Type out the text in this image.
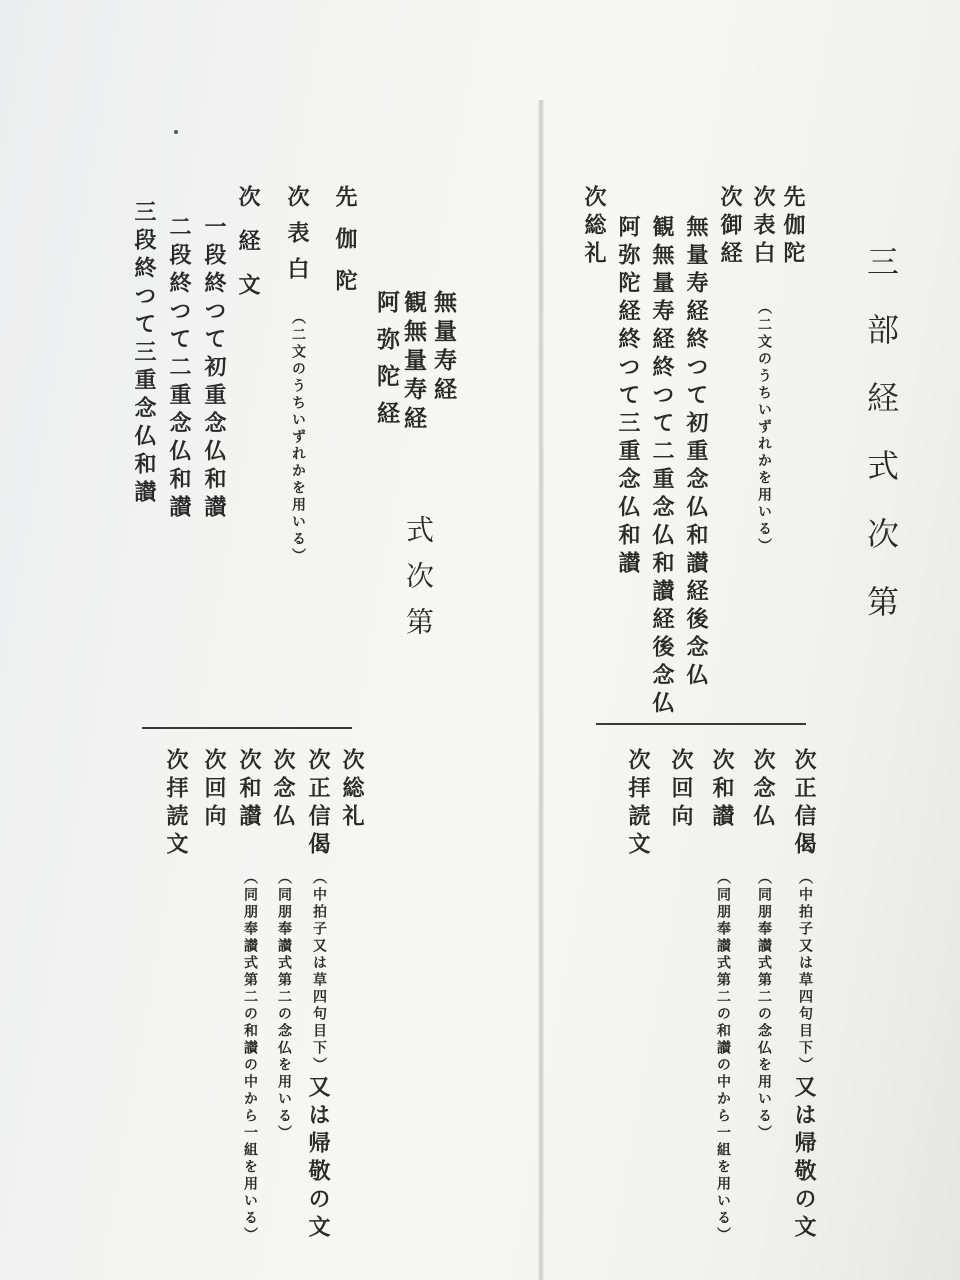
三部経式次第
先伽陀
次表白
（二文のうちいずれかを用いる）
次御経
無量寿経終つて初重念仏和讃経後念仏
観無量寿経終つて二重念仏和讃経後念仏
阿弥陀経終つて三重念仏和讃
次総礼
次正信偈
（中拍子又は草四句目下）
又は帰敬の文
次念仏
（同朋奉讃式第二の念仏を用いる）
次和讃
（同朋奉讃式第二の和讃の中から一組を用いる）
次回向
次拝読文
無量寿経
観無量寿経
阿弥陀経
式次第
先伽陀
次表白
（二文のうちいずれかを用いる）
次経文
一段終つて初重念仏和讃
二段終つて二重念仏和讃
三段終つて三重念仏和讃
次総礼
次正信偈
（中拍子又は草四句目下）
又は帰敬の文
次念仏
（同朋奉讃式第二の念仏を用いる）
次和讃
（同朋奉讃式第二の和讃の中から一組を用いる）
次回向
次拝読文
